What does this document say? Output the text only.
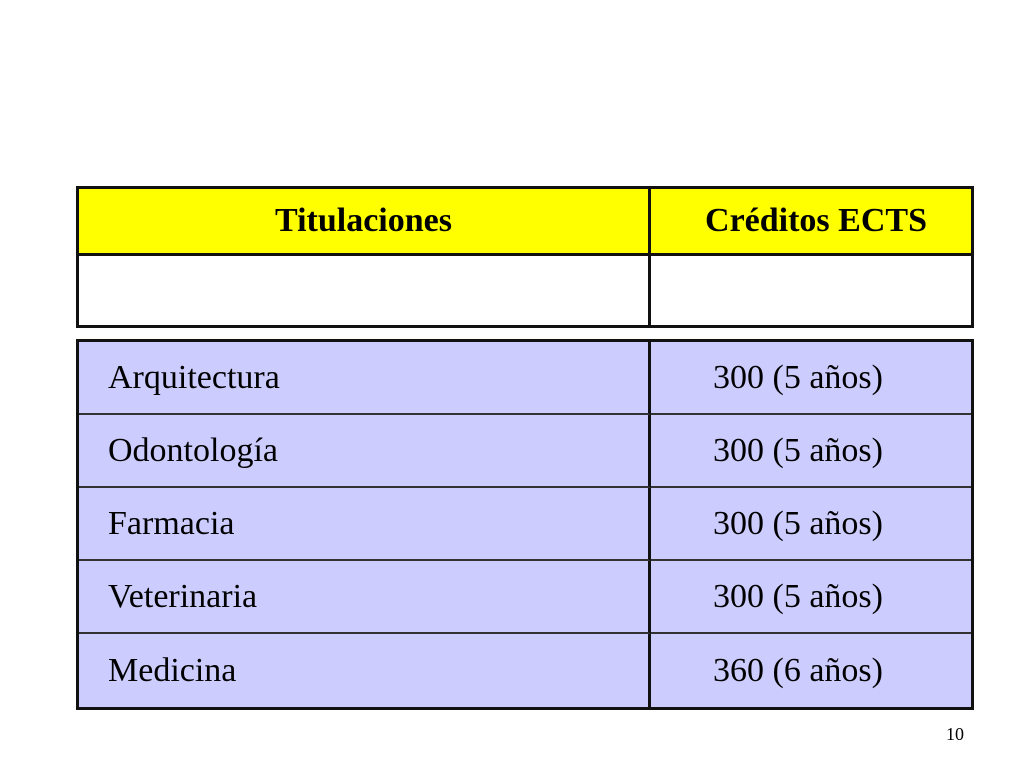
Titulaciones	Créditos ECTS
Arquitectura	300 (5 años)
Odontología	300 (5 años)
Farmacia	300 (5 años)
Veterinaria	300 (5 años)
Medicina	360 (6 años)
10
